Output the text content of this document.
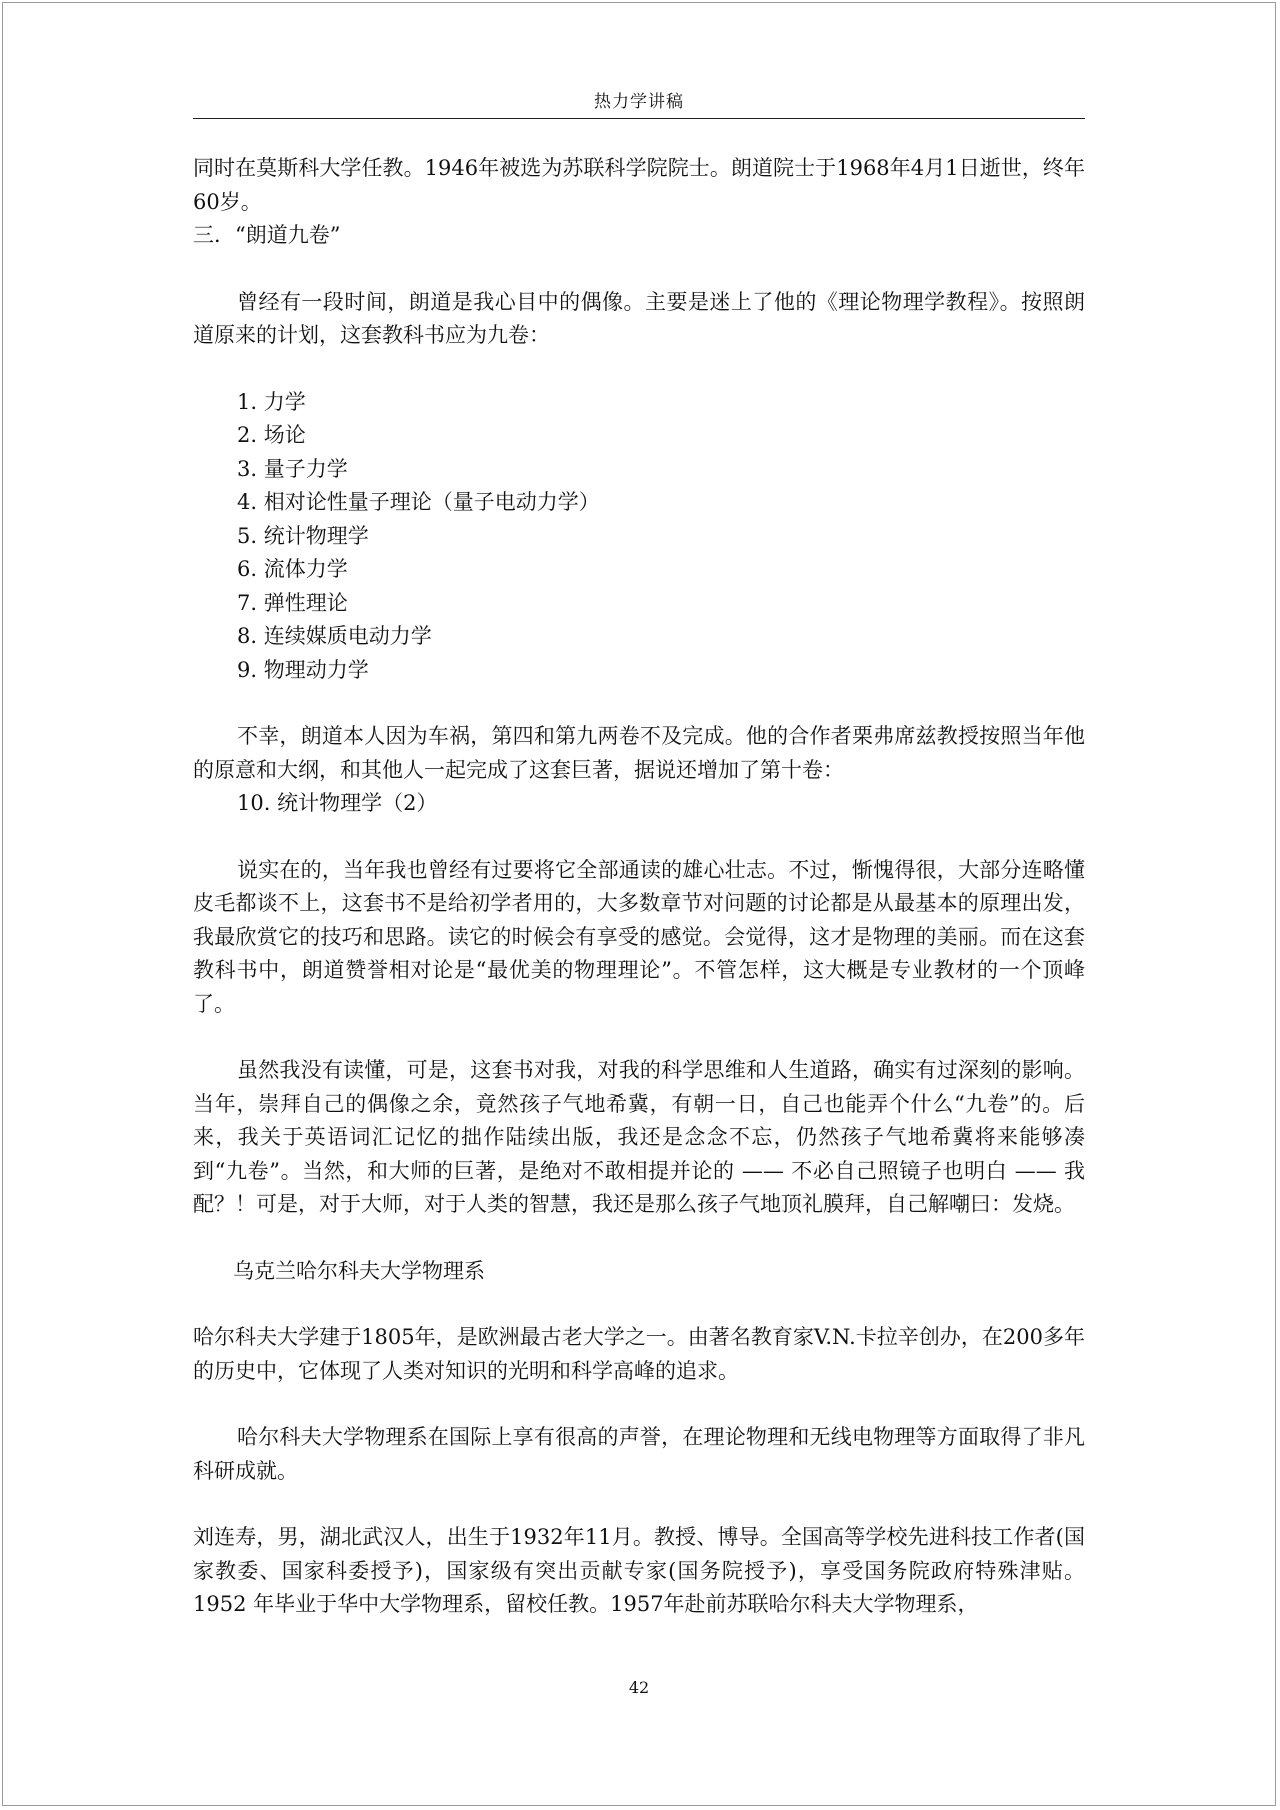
热力学讲稿

同时在莫斯科大学任教。1946年被选为苏联科学院院士。朗道院士于1968年4月1日逝世，终年60岁。

三．“朗道九卷”

曾经有一段时间，朗道是我心目中的偶像。主要是迷上了他的《理论物理学教程》。按照朗道原来的计划，这套教科书应为九卷：

1. 力学
2. 场论
3. 量子力学
4. 相对论性量子理论（量子电动力学）
5. 统计物理学
6. 流体力学
7. 弹性理论
8. 连续媒质电动力学
9. 物理动力学

不幸，朗道本人因为车祸，第四和第九两卷不及完成。他的合作者栗弗席兹教授按照当年他的原意和大纲，和其他人一起完成了这套巨著，据说还增加了第十卷：

10. 统计物理学（2）

说实在的，当年我也曾经有过要将它全部通读的雄心壮志。不过，惭愧得很，大部分连略懂皮毛都谈不上，这套书不是给初学者用的，大多数章节对问题的讨论都是从最基本的原理出发，我最欣赏它的技巧和思路。读它的时候会有享受的感觉。会觉得，这才是物理的美丽。而在这套教科书中，朗道赞誉相对论是“最优美的物理理论”。不管怎样，这大概是专业教材的一个顶峰了。

虽然我没有读懂，可是，这套书对我，对我的科学思维和人生道路，确实有过深刻的影响。当年，崇拜自己的偶像之余，竟然孩子气地希冀，有朝一日，自己也能弄个什么“九卷”的。后来，我关于英语词汇记忆的拙作陆续出版，我还是念念不忘，仍然孩子气地希冀将来能够凑到“九卷”。当然，和大师的巨著，是绝对不敢相提并论的 —— 不必自己照镜子也明白 —— 我配？！可是，对于大师，对于人类的智慧，我还是那么孩子气地顶礼膜拜，自己解嘲曰：发烧。

乌克兰哈尔科夫大学物理系

哈尔科夫大学建于1805年，是欧洲最古老大学之一。由著名教育家V.N.卡拉辛创办，在200多年的历史中，它体现了人类对知识的光明和科学高峰的追求。

哈尔科夫大学物理系在国际上享有很高的声誉，在理论物理和无线电物理等方面取得了非凡科研成就。

刘连寿，男，湖北武汉人，出生于1932年11月。教授、博导。全国高等学校先进科技工作者(国家教委、国家科委授予)，国家级有突出贡献专家(国务院授予)，享受国务院政府特殊津贴。1952 年毕业于华中大学物理系，留校任教。1957年赴前苏联哈尔科夫大学物理系，

42
